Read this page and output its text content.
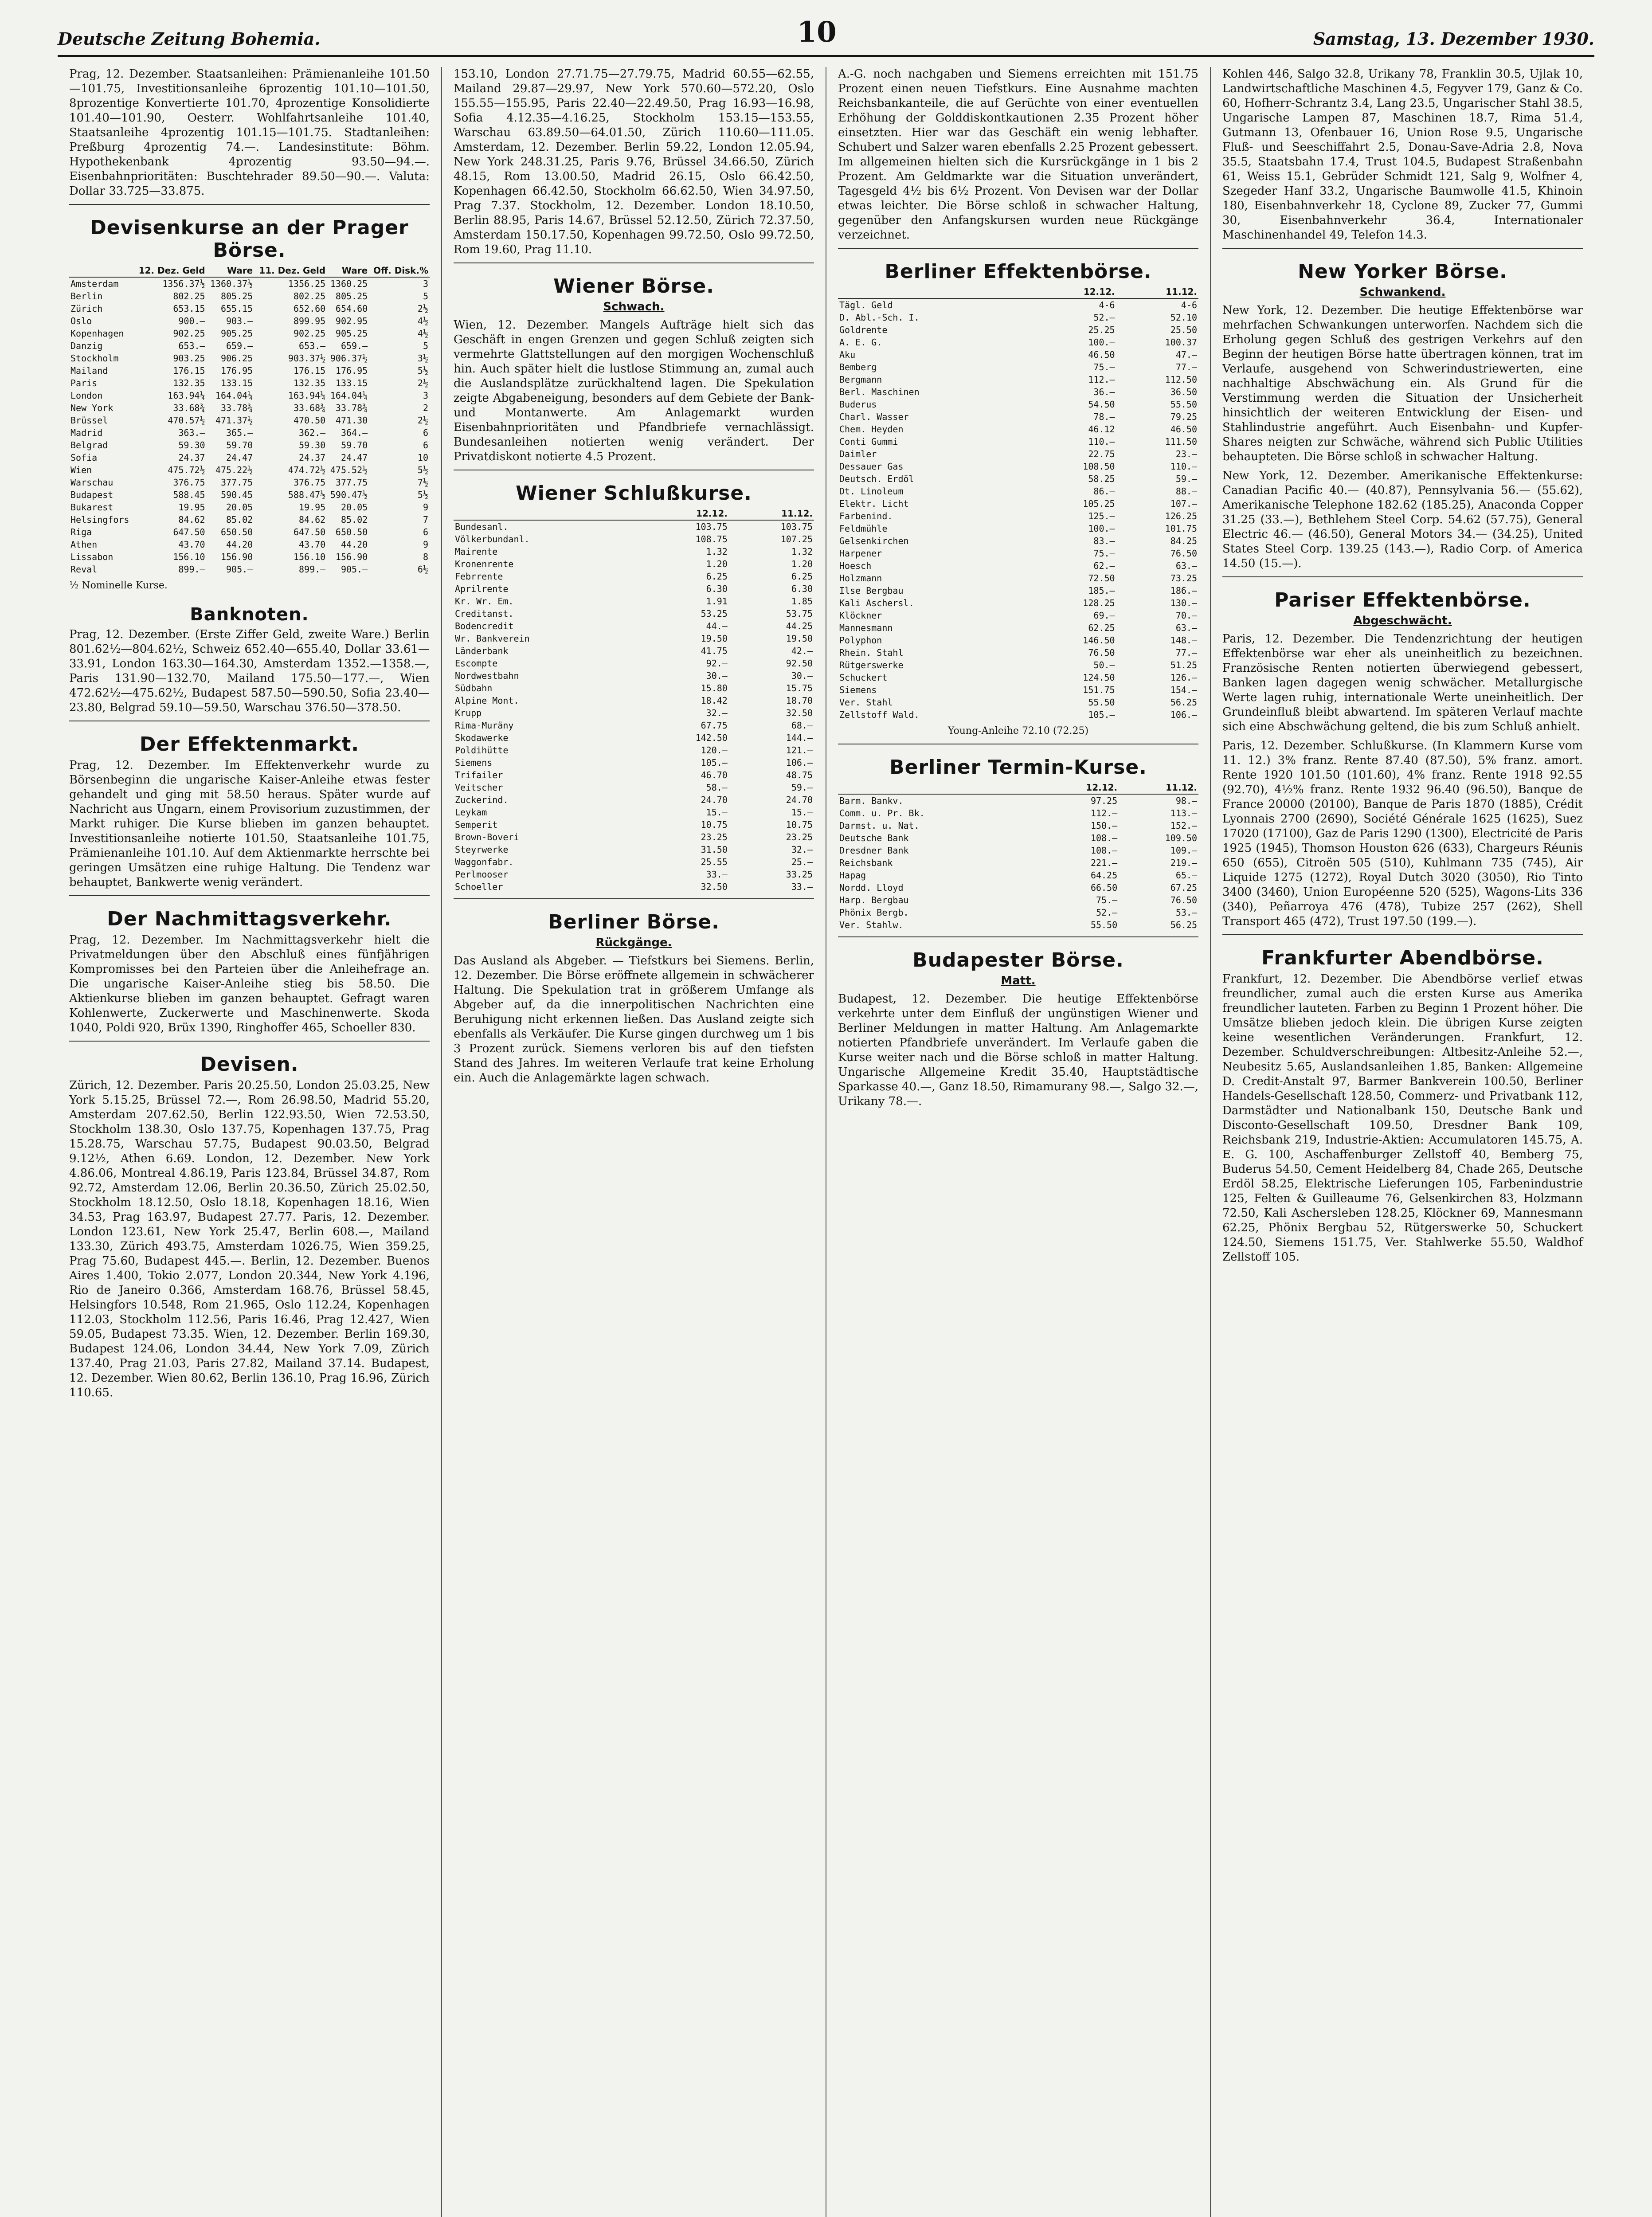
Deutsche Zeitung Bohemia.	10	Samstag, 13. Dezember 1930.

Prag, 12. Dezember. Staatsanleihen: Prämienanleihe 101.50—101.75, Investitionsanleihe 6prozentig 101.10—101.50, 8prozentige Konvertierte 101.70, 4prozentige Konsolidierte 101.40—101.90, Oesterr. Wohlfahrtsanleihe 101.40, Staatsanleihe 4prozentig 101.15—101.75. Stadtanleihen: Preßburg 4prozentig 74.—. Landesinstitute: Böhm. Hypothekenbank 4prozentig 93.50—94.—. Eisenbahnprioritäten: Buschtehrader 89.50—90.—. Valuta: Dollar 33.725—33.875.

Devisenkurse an der Prager Börse.
	12. Dez. Geld	Ware	11. Dez. Geld	Ware	Off. Disk.%
Amsterdam	1356.37½	1360.37½	1356.25	1360.25	3
Berlin	802.25	805.25	802.25	805.25	5
Zürich	653.15	655.15	652.60	654.60	2½
Oslo	900.—	903.—	899.95	902.95	4½
Kopenhagen	902.25	905.25	902.25	905.25	4½
Danzig	653.—	659.—	653.—	659.—	5
Stockholm	903.25	906.25	903.37½	906.37½	3½
Mailand	176.15	176.95	176.15	176.95	5½
Paris	132.35	133.15	132.35	133.15	2½
London	163.94¼	164.04¼	163.94¼	164.04¼	3
New York	33.68¾	33.78¾	33.68¾	33.78¾	2
Brüssel	470.57½	471.37½	470.50	471.30	2½
Madrid	363.—	365.—	362.—	364.—	6
Belgrad	59.30	59.70	59.30	59.70	6
Sofia	24.37	24.47	24.37	24.47	10
Wien	475.72½	475.22½	474.72½	475.52½	5½
Warschau	376.75	377.75	376.75	377.75	7½
Budapest	588.45	590.45	588.47½	590.47½	5½
Bukarest	19.95	20.05	19.95	20.05	9
Helsingfors	84.62	85.02	84.62	85.02	7
Riga	647.50	650.50	647.50	650.50	6
Athen	43.70	44.20	43.70	44.20	9
Lissabon	156.10	156.90	156.10	156.90	8
Reval	899.—	905.—	899.—	905.—	6½
½ Nominelle Kurse.
Banknoten.

Prag, 12. Dezember. (Erste Ziffer Geld, zweite Ware.) Berlin 801.62½—804.62½, Schweiz 652.40—655.40, Dollar 33.61—33.91, London 163.30—164.30, Amsterdam 1352.—1358.—, Paris 131.90—132.70, Mailand 175.50—177.—, Wien 472.62½—475.62½, Budapest 587.50—590.50, Sofia 23.40—23.80, Belgrad 59.10—59.50, Warschau 376.50—378.50.

Der Effektenmarkt.

Prag, 12. Dezember. Im Effektenverkehr wurde zu Börsenbeginn die ungarische Kaiser-Anleihe etwas fester gehandelt und ging mit 58.50 heraus. Später wurde auf Nachricht aus Ungarn, einem Provisorium zuzustimmen, der Markt ruhiger. Die Kurse blieben im ganzen behauptet. Investitionsanleihe notierte 101.50, Staatsanleihe 101.75, Prämienanleihe 101.10. Auf dem Aktienmarkte herrschte bei geringen Umsätzen eine ruhige Haltung. Die Tendenz war behauptet, Bankwerte wenig verändert.

Der Nachmittagsverkehr.

Prag, 12. Dezember. Im Nachmittagsverkehr hielt die Privatmeldungen über den Abschluß eines fünfjährigen Kompromisses bei den Parteien über die Anleihefrage an. Die ungarische Kaiser-Anleihe stieg bis 58.50. Die Aktienkurse blieben im ganzen behauptet. Gefragt waren Kohlenwerte, Zuckerwerte und Maschinenwerte. Skoda 1040, Poldi 920, Brüx 1390, Ringhoffer 465, Schoeller 830.

Devisen.

Zürich, 12. Dezember. Paris 20.25.50, London 25.03.25, New York 5.15.25, Brüssel 72.—, Rom 26.98.50, Madrid 55.20, Amsterdam 207.62.50, Berlin 122.93.50, Wien 72.53.50, Stockholm 138.30, Oslo 137.75, Kopenhagen 137.75, Prag 15.28.75, Warschau 57.75, Budapest 90.03.50, Belgrad 9.12½, Athen 6.69. London, 12. Dezember. New York 4.86.06, Montreal 4.86.19, Paris 123.84, Brüssel 34.87, Rom 92.72, Amsterdam 12.06, Berlin 20.36.50, Zürich 25.02.50, Stockholm 18.12.50, Oslo 18.18, Kopenhagen 18.16, Wien 34.53, Prag 163.97, Budapest 27.77. Paris, 12. Dezember. London 123.61, New York 25.47, Berlin 608.—, Mailand 133.30, Zürich 493.75, Amsterdam 1026.75, Wien 359.25, Prag 75.60, Budapest 445.—. Berlin, 12. Dezember. Buenos Aires 1.400, Tokio 2.077, London 20.344, New York 4.196, Rio de Janeiro 0.366, Amsterdam 168.76, Brüssel 58.45, Helsingfors 10.548, Rom 21.965, Oslo 112.24, Kopenhagen 112.03, Stockholm 112.56, Paris 16.46, Prag 12.427, Wien 59.05, Budapest 73.35. Wien, 12. Dezember. Berlin 169.30, Budapest 124.06, London 34.44, New York 7.09, Zürich 137.40, Prag 21.03, Paris 27.82, Mailand 37.14. Budapest, 12. Dezember. Wien 80.62, Berlin 136.10, Prag 16.96, Zürich 110.65.

153.10, London 27.71.75—27.79.75, Madrid 60.55—62.55, Mailand 29.87—29.97, New York 570.60—572.20, Oslo 155.55—155.95, Paris 22.40—22.49.50, Prag 16.93—16.98, Sofia 4.12.35—4.16.25, Stockholm 153.15—153.55, Warschau 63.89.50—64.01.50, Zürich 110.60—111.05. Amsterdam, 12. Dezember. Berlin 59.22, London 12.05.94, New York 248.31.25, Paris 9.76, Brüssel 34.66.50, Zürich 48.15, Rom 13.00.50, Madrid 26.15, Oslo 66.42.50, Kopenhagen 66.42.50, Stockholm 66.62.50, Wien 34.97.50, Prag 7.37. Stockholm, 12. Dezember. London 18.10.50, Berlin 88.95, Paris 14.67, Brüssel 52.12.50, Zürich 72.37.50, Amsterdam 150.17.50, Kopenhagen 99.72.50, Oslo 99.72.50, Rom 19.60, Prag 11.10.

Wiener Börse.
Schwach.

Wien, 12. Dezember. Mangels Aufträge hielt sich das Geschäft in engen Grenzen und gegen Schluß zeigten sich vermehrte Glattstellungen auf den morgigen Wochenschluß hin. Auch später hielt die lustlose Stimmung an, zumal auch die Auslandsplätze zurückhaltend lagen. Die Spekulation zeigte Abgabeneigung, besonders auf dem Gebiete der Bank- und Montanwerte. Am Anlagemarkt wurden Eisenbahnprioritäten und Pfandbriefe vernachlässigt. Bundesanleihen notierten wenig verändert. Der Privatdiskont notierte 4.5 Prozent.

Wiener Schlußkurse.
	12.12.	11.12.
Bundesanl.	103.75	103.75
Völkerbundanl.	108.75	107.25
Mairente	1.32	1.32
Kronenrente	1.20	1.20
Febrrente	6.25	6.25
Aprilrente	6.30	6.30
Kr. Wr. Em.	1.91	1.85
Creditanst.	53.25	53.75
Bodencredit	44.—	44.25
Wr. Bankverein	19.50	19.50
Länderbank	41.75	42.—
Escompte	92.—	92.50
Nordwestbahn	30.—	30.—
Südbahn	15.80	15.75
Alpine Mont.	18.42	18.70
Krupp	32.—	32.50
Rima-Muräny	67.75	68.—
Skodawerke	142.50	144.—
Poldihütte	120.—	121.—
Siemens	105.—	106.—
Trifailer	46.70	48.75
Veitscher	58.—	59.—
Zuckerind.	24.70	24.70
Leykam	15.—	15.—
Semperit	10.75	10.75
Brown-Boveri	23.25	23.25
Steyrwerke	31.50	32.—
Waggonfabr.	25.55	25.—
Perlmooser	33.—	33.25
Schoeller	32.50	33.—
Berliner Börse.
Rückgänge.

Das Ausland als Abgeber. — Tiefstkurs bei Siemens. Berlin, 12. Dezember. Die Börse eröffnete allgemein in schwächerer Haltung. Die Spekulation trat in größerem Umfange als Abgeber auf, da die innerpolitischen Nachrichten eine Beruhigung nicht erkennen ließen. Das Ausland zeigte sich ebenfalls als Verkäufer. Die Kurse gingen durchweg um 1 bis 3 Prozent zurück. Siemens verloren bis auf den tiefsten Stand des Jahres. Im weiteren Verlaufe trat keine Erholung ein. Auch die Anlagemärkte lagen schwach.

A.-G. noch nachgaben und Siemens erreichten mit 151.75 Prozent einen neuen Tiefstkurs. Eine Ausnahme machten Reichsbankanteile, die auf Gerüchte von einer eventuellen Erhöhung der Golddiskontkautionen 2.35 Prozent höher einsetzten. Hier war das Geschäft ein wenig lebhafter. Schubert und Salzer waren ebenfalls 2.25 Prozent gebessert. Im allgemeinen hielten sich die Kursrückgänge in 1 bis 2 Prozent. Am Geldmarkte war die Situation unverändert, Tagesgeld 4½ bis 6½ Prozent. Von Devisen war der Dollar etwas leichter. Die Börse schloß in schwacher Haltung, gegenüber den Anfangskursen wurden neue Rückgänge verzeichnet.

Berliner Effektenbörse.
	12.12.	11.12.
Tägl. Geld	4-6	4-6
D. Abl.-Sch. I.	52.—	52.10
Goldrente	25.25	25.50
A. E. G.	100.—	100.37
Aku	46.50	47.—
Bemberg	75.—	77.—
Bergmann	112.—	112.50
Berl. Maschinen	36.—	36.50
Buderus	54.50	55.50
Charl. Wasser	78.—	79.25
Chem. Heyden	46.12	46.50
Conti Gummi	110.—	111.50
Daimler	22.75	23.—
Dessauer Gas	108.50	110.—
Deutsch. Erdöl	58.25	59.—
Dt. Linoleum	86.—	88.—
Elektr. Licht	105.25	107.—
Farbenind.	125.—	126.25
Feldmühle	100.—	101.75
Gelsenkirchen	83.—	84.25
Harpener	75.—	76.50
Hoesch	62.—	63.—
Holzmann	72.50	73.25
Ilse Bergbau	185.—	186.—
Kali Aschersl.	128.25	130.—
Klöckner	69.—	70.—
Mannesmann	62.25	63.—
Polyphon	146.50	148.—
Rhein. Stahl	76.50	77.—
Rütgerswerke	50.—	51.25
Schuckert	124.50	126.—
Siemens	151.75	154.—
Ver. Stahl	55.50	56.25
Zellstoff Wald.	105.—	106.—
Young-Anleihe 72.10 (72.25)
Berliner Termin-Kurse.
	12.12.	11.12.
Barm. Bankv.	97.25	98.—
Comm. u. Pr. Bk.	112.—	113.—
Darmst. u. Nat.	150.—	152.—
Deutsche Bank	108.—	109.50
Dresdner Bank	108.—	109.—
Reichsbank	221.—	219.—
Hapag	64.25	65.—
Nordd. Lloyd	66.50	67.25
Harp. Bergbau	75.—	76.50
Phönix Bergb.	52.—	53.—
Ver. Stahlw.	55.50	56.25
Budapester Börse.
Matt.

Budapest, 12. Dezember. Die heutige Effektenbörse verkehrte unter dem Einfluß der ungünstigen Wiener und Berliner Meldungen in matter Haltung. Am Anlagemarkte notierten Pfandbriefe unverändert. Im Verlaufe gaben die Kurse weiter nach und die Börse schloß in matter Haltung. Ungarische Allgemeine Kredit 35.40, Hauptstädtische Sparkasse 40.—, Ganz 18.50, Rimamurany 98.—, Salgo 32.—, Urikany 78.—.

Kohlen 446, Salgo 32.8, Urikany 78, Franklin 30.5, Ujlak 10, Landwirtschaftliche Maschinen 4.5, Fegyver 179, Ganz & Co. 60, Hofherr-Schrantz 3.4, Lang 23.5, Ungarischer Stahl 38.5, Ungarische Lampen 87, Maschinen 18.7, Rima 51.4, Gutmann 13, Ofenbauer 16, Union Rose 9.5, Ungarische Fluß- und Seeschiffahrt 2.5, Donau-Save-Adria 2.8, Nova 35.5, Staatsbahn 17.4, Trust 104.5, Budapest Straßenbahn 61, Weiss 15.1, Gebrüder Schmidt 121, Salg 9, Wolfner 4, Szegeder Hanf 33.2, Ungarische Baumwolle 41.5, Khinoin 180, Eisenbahnverkehr 18, Cyclone 89, Zucker 77, Gummi 30, Eisenbahnverkehr 36.4, Internationaler Maschinenhandel 49, Telefon 14.3.

New Yorker Börse.
Schwankend.

New York, 12. Dezember. Die heutige Effektenbörse war mehrfachen Schwankungen unterworfen. Nachdem sich die Erholung gegen Schluß des gestrigen Verkehrs auf den Beginn der heutigen Börse hatte übertragen können, trat im Verlaufe, ausgehend von Schwerindustriewerten, eine nachhaltige Abschwächung ein. Als Grund für die Verstimmung werden die Situation der Unsicherheit hinsichtlich der weiteren Entwicklung der Eisen- und Stahlindustrie angeführt. Auch Eisenbahn- und Kupfer-Shares neigten zur Schwäche, während sich Public Utilities behaupteten. Die Börse schloß in schwacher Haltung.

New York, 12. Dezember. Amerikanische Effektenkurse: Canadian Pacific 40.— (40.87), Pennsylvania 56.— (55.62), Amerikanische Telephone 182.62 (185.25), Anaconda Copper 31.25 (33.—), Bethlehem Steel Corp. 54.62 (57.75), General Electric 46.— (46.50), General Motors 34.— (34.25), United States Steel Corp. 139.25 (143.—), Radio Corp. of America 14.50 (15.—).

Pariser Effektenbörse.
Abgeschwächt.

Paris, 12. Dezember. Die Tendenzrichtung der heutigen Effektenbörse war eher als uneinheitlich zu bezeichnen. Französische Renten notierten überwiegend gebessert, Banken lagen dagegen wenig schwächer. Metallurgische Werte lagen ruhig, internationale Werte uneinheitlich. Der Grundeinfluß bleibt abwartend. Im späteren Verlauf machte sich eine Abschwächung geltend, die bis zum Schluß anhielt.

Paris, 12. Dezember. Schlußkurse. (In Klammern Kurse vom 11. 12.) 3% franz. Rente 87.40 (87.50), 5% franz. amort. Rente 1920 101.50 (101.60), 4% franz. Rente 1918 92.55 (92.70), 4½% franz. Rente 1932 96.40 (96.50), Banque de France 20000 (20100), Banque de Paris 1870 (1885), Crédit Lyonnais 2700 (2690), Société Générale 1625 (1625), Suez 17020 (17100), Gaz de Paris 1290 (1300), Electricité de Paris 1925 (1945), Thomson Houston 626 (633), Chargeurs Réunis 650 (655), Citroën 505 (510), Kuhlmann 735 (745), Air Liquide 1275 (1272), Royal Dutch 3020 (3050), Rio Tinto 3400 (3460), Union Européenne 520 (525), Wagons-Lits 336 (340), Peñarroya 476 (478), Tubize 257 (262), Shell Transport 465 (472), Trust 197.50 (199.—).

Frankfurter Abendbörse.

Frankfurt, 12. Dezember. Die Abendbörse verlief etwas freundlicher, zumal auch die ersten Kurse aus Amerika freundlicher lauteten. Farben zu Beginn 1 Prozent höher. Die Umsätze blieben jedoch klein. Die übrigen Kurse zeigten keine wesentlichen Veränderungen. Frankfurt, 12. Dezember. Schuldverschreibungen: Altbesitz-Anleihe 52.—, Neubesitz 5.65, Auslandsanleihen 1.85, Banken: Allgemeine D. Credit-Anstalt 97, Barmer Bankverein 100.50, Berliner Handels-Gesellschaft 128.50, Commerz- und Privatbank 112, Darmstädter und Nationalbank 150, Deutsche Bank und Disconto-Gesellschaft 109.50, Dresdner Bank 109, Reichsbank 219, Industrie-Aktien: Accumulatoren 145.75, A. E. G. 100, Aschaffenburger Zellstoff 40, Bemberg 75, Buderus 54.50, Cement Heidelberg 84, Chade 265, Deutsche Erdöl 58.25, Elektrische Lieferungen 105, Farbenindustrie 125, Felten & Guilleaume 76, Gelsenkirchen 83, Holzmann 72.50, Kali Aschersleben 128.25, Klöckner 69, Mannesmann 62.25, Phönix Bergbau 52, Rütgerswerke 50, Schuckert 124.50, Siemens 151.75, Ver. Stahlwerke 55.50, Waldhof Zellstoff 105.
